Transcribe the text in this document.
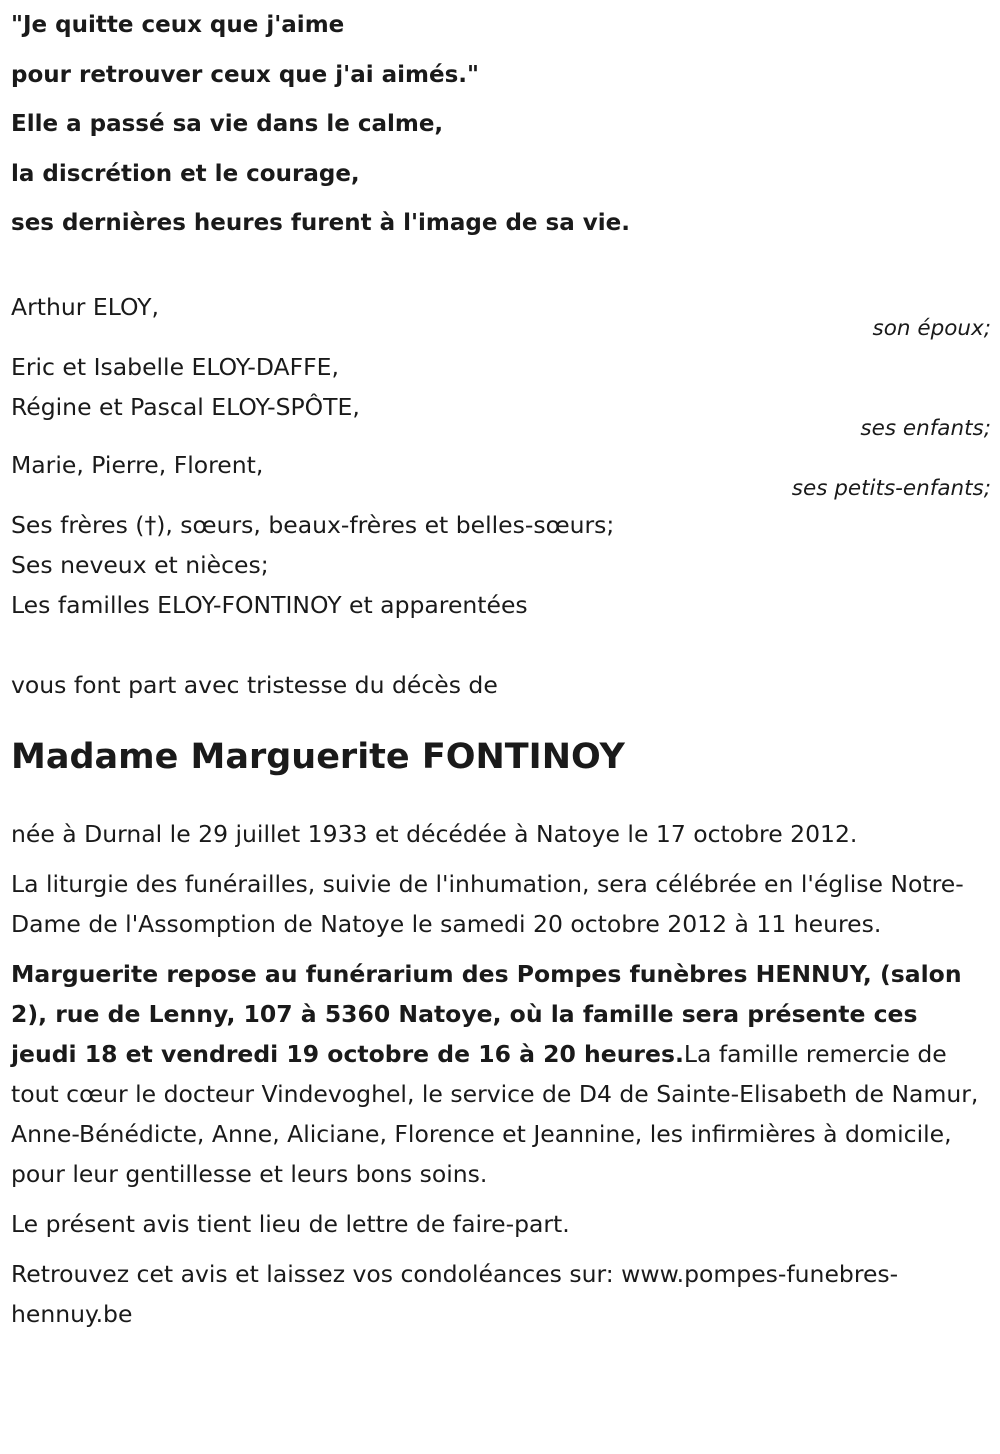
"Je quitte ceux que j'aime
pour retrouver ceux que j'ai aimés."
Elle a passé sa vie dans le calme,
la discrétion et le courage,
ses dernières heures furent à l'image de sa vie.
Arthur ELOY,
son époux;
Eric et Isabelle ELOY-DAFFE,
Régine et Pascal ELOY-SPÔTE,
ses enfants;
Marie, Pierre, Florent,
ses petits-enfants;
Ses frères (†), sœurs, beaux-frères et belles-sœurs;
Ses neveux et nièces;
Les familles ELOY-FONTINOY et apparentées
vous font part avec tristesse du décès de
Madame Marguerite FONTINOY

née à Durnal le 29 juillet 1933 et décédée à Natoye le 17 octobre 2012.

La liturgie des funérailles, suivie de l'inhumation, sera célébrée en l'église Notre-Dame de l'Assomption de Natoye le samedi 20 octobre 2012 à 11 heures.

Marguerite repose au funérarium des Pompes funèbres HENNUY, (salon 2), rue de Lenny, 107 à 5360 Natoye, où la famille sera présente ces jeudi 18 et vendredi 19 octobre de 16 à 20 heures.La famille remercie de tout cœur le docteur Vindevoghel, le service de D4 de Sainte-Elisabeth de Namur, Anne-Bénédicte, Anne, Aliciane, Florence et Jeannine, les infirmières à domicile, pour leur gentillesse et leurs bons soins.

Le présent avis tient lieu de lettre de faire-part.

Retrouvez cet avis et laissez vos condoléances sur: www.pompes-funebres-hennuy.be
